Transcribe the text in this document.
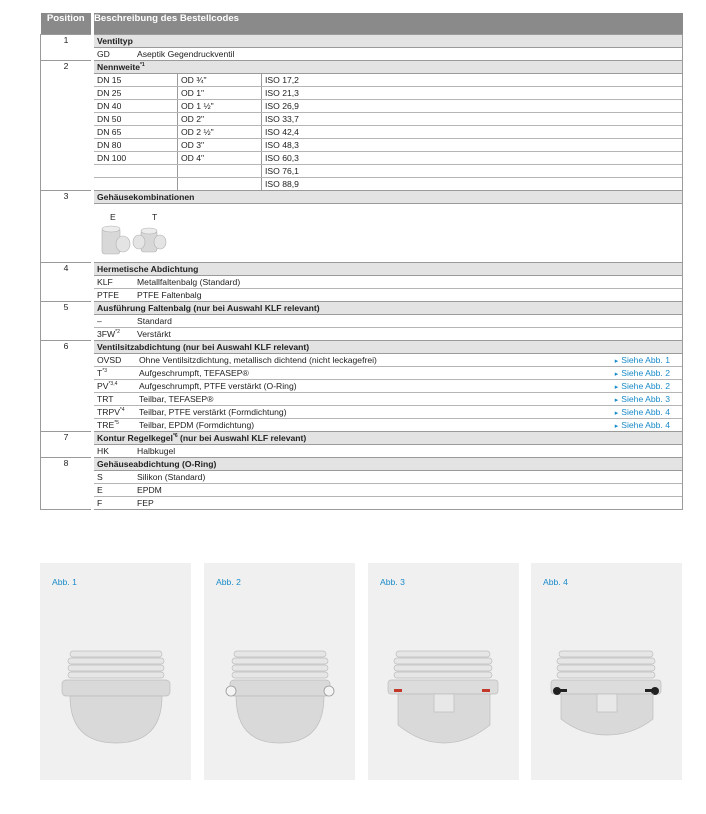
Position	Beschreibung des Bestellcodes
1	Ventiltyp
GD	Aseptik Gegendruckventil

2	Nennweite$^{*1}$
DN 15	OD ¾"	ISO 17,2
DN 25	OD 1"	ISO 21,3
DN 40	OD 1 ½"	ISO 26,9
DN 50	OD 2"	ISO 33,7
DN 65	OD 2 ½"	ISO 42,4
DN 80	OD 3"	ISO 48,3
DN 100	OD 4"	ISO 60,3
		ISO 76,1
		ISO 88,9

3	Gehäusekombinationen
E	T

4	Hermetische Abdichtung
KLF	Metallfaltenbalg (Standard)
PTFE PTFE Faltenbalg

5	Ausführung Faltenbalg (nur bei Auswahl KLF relevant)
–	Standard
3FW$^{*2}$ Verstärkt

6	Ventilsitzabdichtung (nur bei Auswahl KLF relevant)
OVSD Ohne Ventilsitzdichtung, metallisch dichtend (nicht leckagefrei)	▸ Siehe Abb. 1
$T^{*3}$	Aufgeschrumpft, TEFASEP®	▸ Siehe Abb. 2
PV$^{*3,4}$	Aufgeschrumpft, PTFE verstärkt (O-Ring)	▸ Siehe Abb. 2
TRT	Teilbar, TEFASEP®	▸ Siehe Abb. 3
TRPV$^{*4}$ Teilbar, PTFE verstärkt (Formdichtung)	▸ Siehe Abb. 4
TRE$^{*5}$ Teilbar, EPDM (Formdichtung)	▸ Siehe Abb. 4

7	Kontur Regelkegel$^{*6}$ (nur bei Auswahl KLF relevant)
HK	Halbkugel

8	Gehäuseabdichtung (O-Ring)
S	Silikon (Standard)
E	EPDM
F	FEP
Abb. 1	Abb. 2	Abb. 3	Abb. 4
